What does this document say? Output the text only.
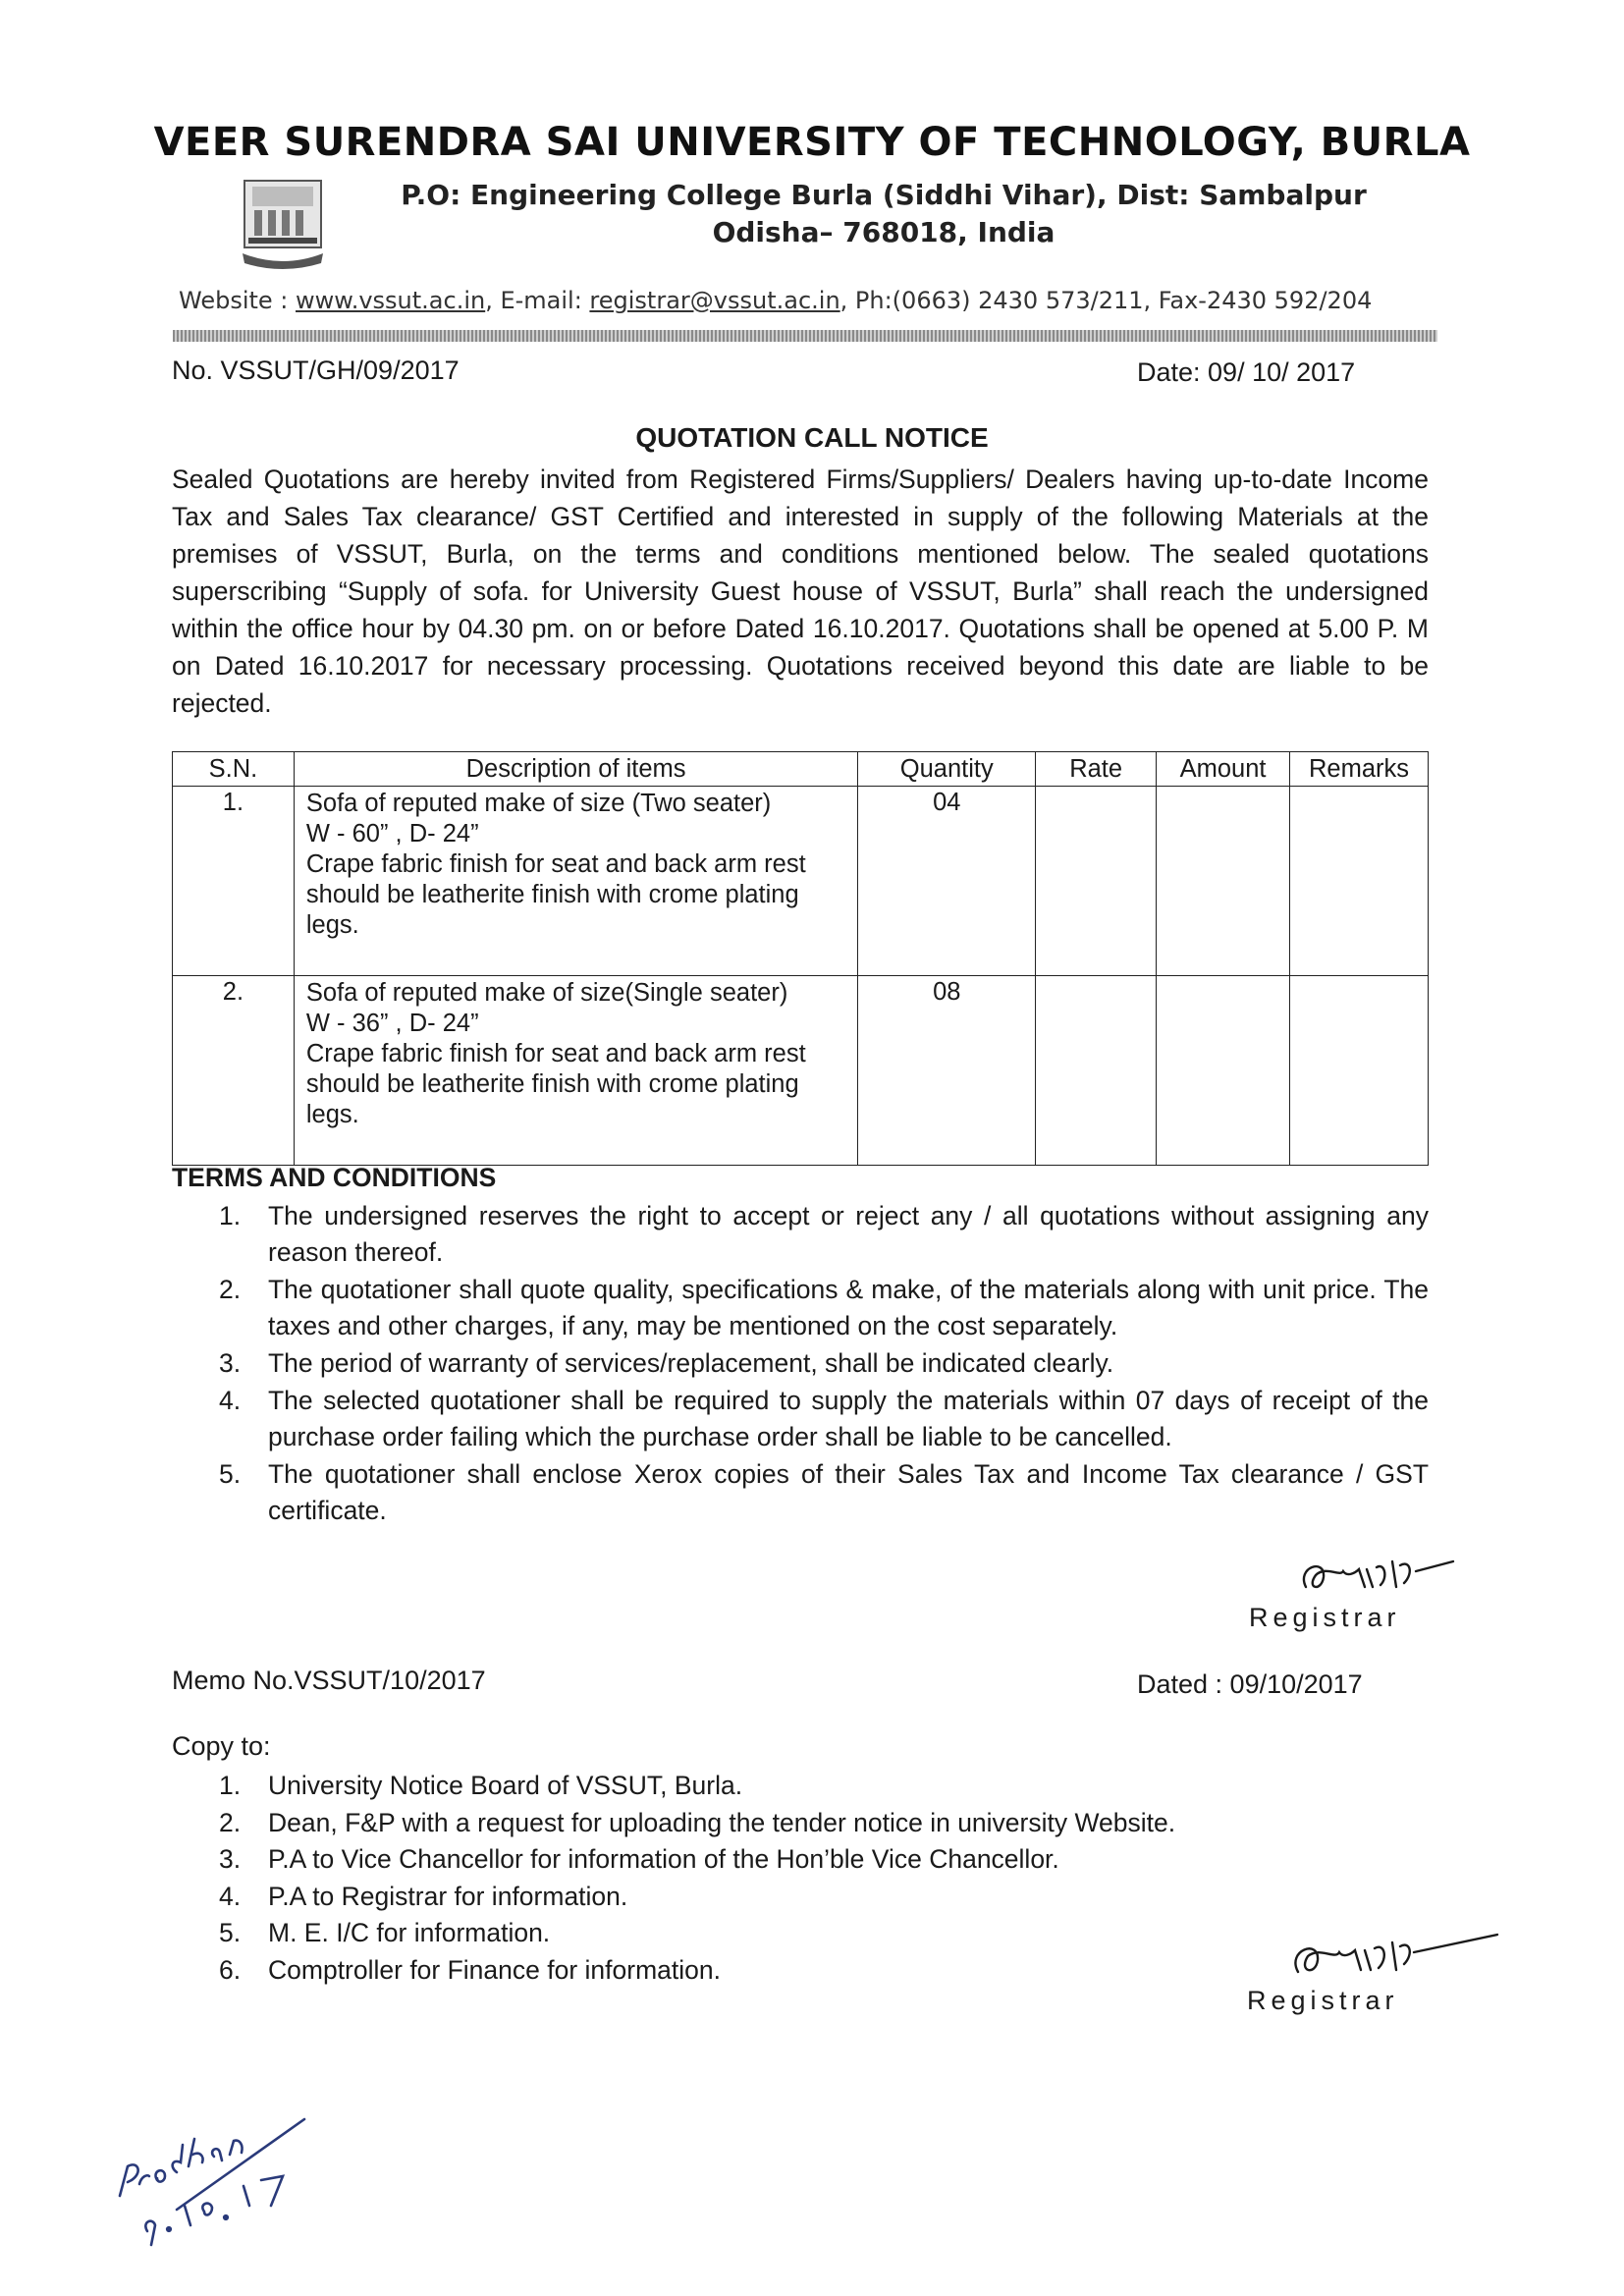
VEER SURENDRA SAI UNIVERSITY OF TECHNOLOGY, BURLA
P.O: Engineering College Burla (Siddhi Vihar), Dist: Sambalpur
Odisha– 768018, India
Website : www.vssut.ac.in, E-mail: registrar@vssut.ac.in, Ph:(0663) 2430 573/211, Fax-2430 592/204
No. VSSUT/GH/09/2017	Date: 09/ 10/ 2017
QUOTATION CALL NOTICE
Sealed Quotations are hereby invited from Registered Firms/Suppliers/ Dealers having up-to-date Income Tax and Sales Tax clearance/ GST Certified and interested in supply of the following Materials at the premises of VSSUT, Burla, on the terms and conditions mentioned below. The sealed quotations superscribing “Supply of sofa. for University Guest house of VSSUT, Burla” shall reach the undersigned within the office hour by 04.30 pm. on or before Dated 16.10.2017. Quotations shall be opened at 5.00 P. M on Dated 16.10.2017 for necessary processing. Quotations received beyond this date are liable to be rejected.
S.N.	Description of items	Quantity	Rate	Amount	Remarks
1.	Sofa of reputed make of size (Two seater)
W - 60” , D- 24”
Crape fabric finish for seat and back arm rest should be leatherite finish with crome plating legs.	04			
2.	Sofa of reputed make of size(Single seater)
W - 36” , D- 24”
Crape fabric finish for seat and back arm rest should be leatherite finish with crome plating legs.	08			
TERMS AND CONDITIONS
1. The undersigned reserves the right to accept or reject any / all quotations without assigning any reason thereof.
2. The quotationer shall quote quality, specifications & make, of the materials along with unit price. The taxes and other charges, if any, may be mentioned on the cost separately.
3. The period of warranty of services/replacement, shall be indicated clearly.
4. The selected quotationer shall be required to supply the materials within 07 days of receipt of the purchase order failing which the purchase order shall be liable to be cancelled.
5. The quotationer shall enclose Xerox copies of their Sales Tax and Income Tax clearance / GST certificate.
Registrar
Memo No.VSSUT/10/2017	Dated : 09/10/2017
Copy to:
1. University Notice Board of VSSUT, Burla.
2. Dean, F&P with a request for uploading the tender notice in university Website.
3. P.A to Vice Chancellor for information of the Hon’ble Vice Chancellor.
4. P.A to Registrar for information.
5. M. E. I/C for information.
6. Comptroller for Finance for information.
Registrar
